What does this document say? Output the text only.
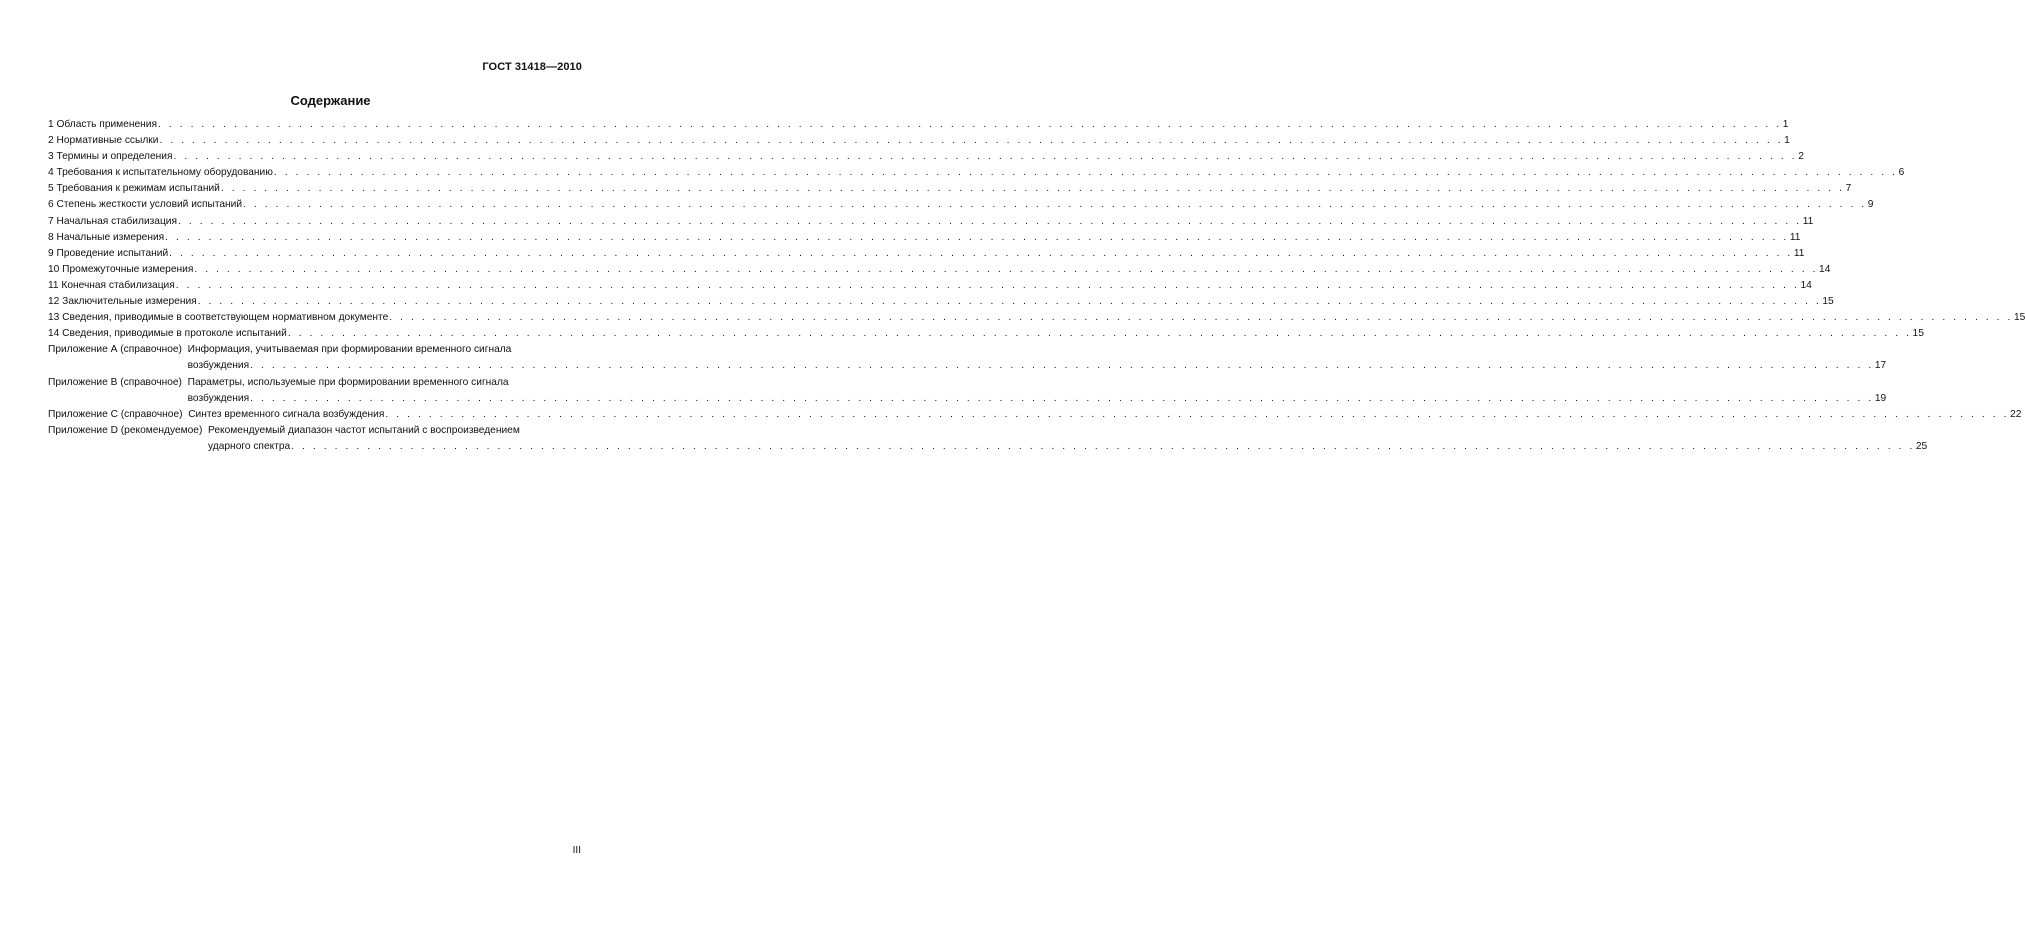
ГОСТ 31418—2010
Содержание
1 Область применения . . .	1
2 Нормативные ссылки . . .	1
3 Термины и определения . . .	2
4 Требования к испытательному оборудованию . . .	6
5 Требования к режимам испытаний . . .	7
6 Степень жесткости условий испытаний . . .	9
7 Начальная стабилизация . . .	11
8 Начальные измерения . . .	11
9 Проведение испытаний . . .	11
10 Промежуточные измерения . . .	14
11 Конечная стабилизация . . .	14
12 Заключительные измерения . . .	15
13 Сведения, приводимые в соответствующем нормативном документе . . .	15
14 Сведения, приводимые в протоколе испытаний . . .	15
Приложение А (справочное)
Информация, учитываемая при формировании временного сигнала
возбуждения . . .	17
Приложение В (справочное)
Параметры, используемые при формировании временного сигнала
возбуждения . . .	19
Приложение С (справочное)
Синтез временного сигнала возбуждения . . .	22
Приложение D (рекомендуемое)
Рекомендуемый диапазон частот испытаний с воспроизведением
ударного спектра . . .	25
III
